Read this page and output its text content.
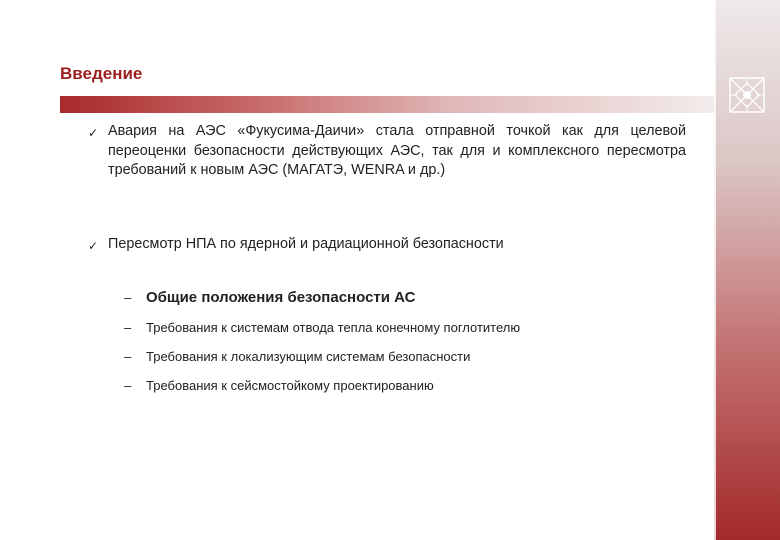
Введение
✓ Авария на АЭС «Фукусима-Даичи» стала отправной точкой как для целевой переоценки безопасности действующих АЭС, так для и комплексного пересмотра требований к новым АЭС (МАГАТЭ, WENRA и др.)
✓ Пересмотр НПА по ядерной и радиационной безопасности
– Общие положения безопасности АС
– Требования к системам отвода тепла конечному поглотителю
– Требования к локализующим системам безопасности
– Требования к сейсмостойкому проектированию
